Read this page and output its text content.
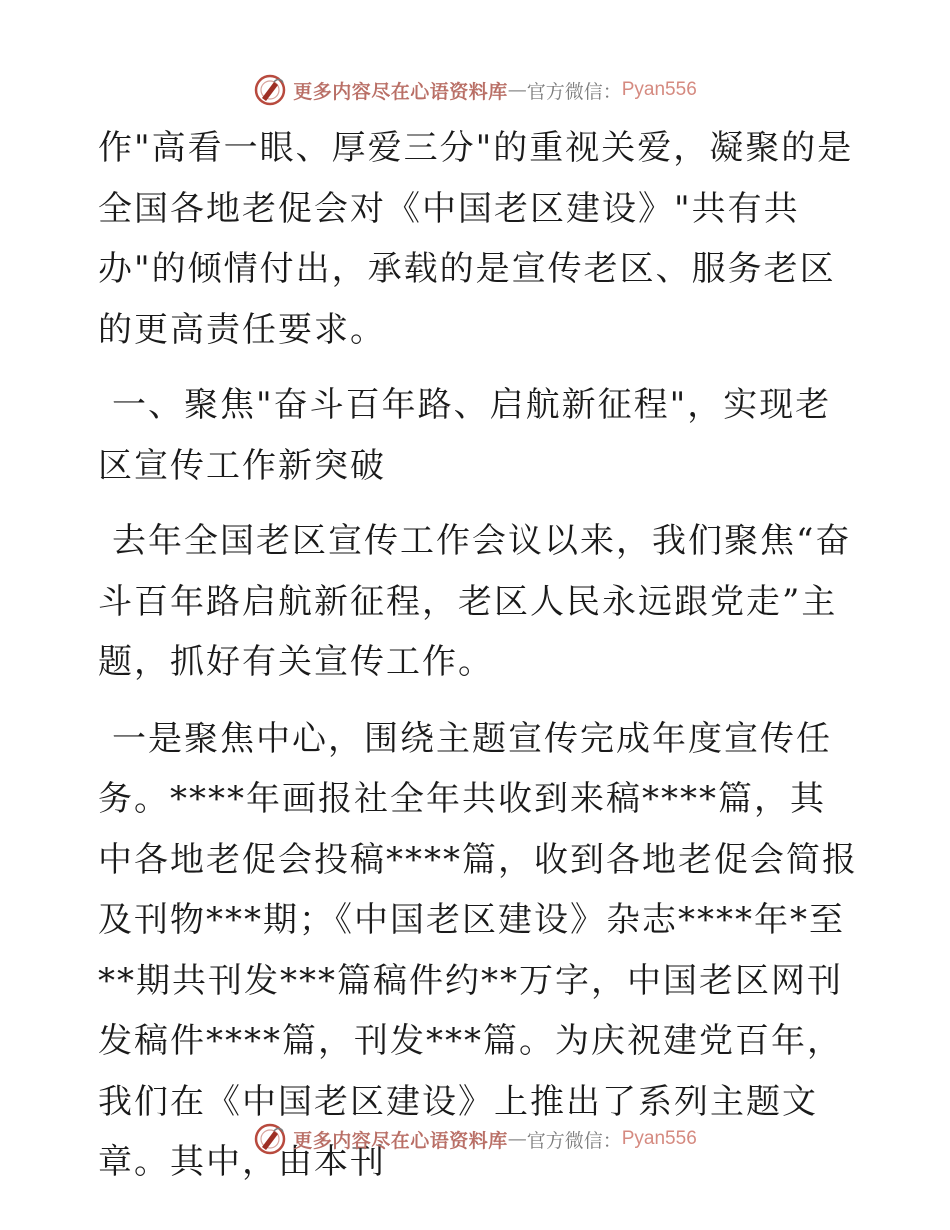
更多内容尽在心语资料库 — 官方微信： Pyan556

作"高看一眼、厚爱三分"的重视关爱，凝聚的是全国各地老促会对《中国老区建设》"共有共办"的倾情付出，承载的是宣传老区、服务老区的更高责任要求。

一、聚焦"奋斗百年路、启航新征程"，实现老区宣传工作新突破

去年全国老区宣传工作会议以来，我们聚焦“奋斗百年路启航新征程，老区人民永远跟党走”主题，抓好有关宣传工作。

一是聚焦中心，围绕主题宣传完成年度宣传任务。****年画报社全年共收到来稿****篇，其中各地老促会投稿****篇，收到各地老促会简报及刊物***期；《中国老区建设》杂志****年*至**期共刊发***篇稿件约**万字，中国老区网刊发稿件****篇，刊发***篇。为庆祝建党百年，我们在《中国老区建设》上推出了系列主题文章。其中，由本刊

更多内容尽在心语资料库 — 官方微信： Pyan556
